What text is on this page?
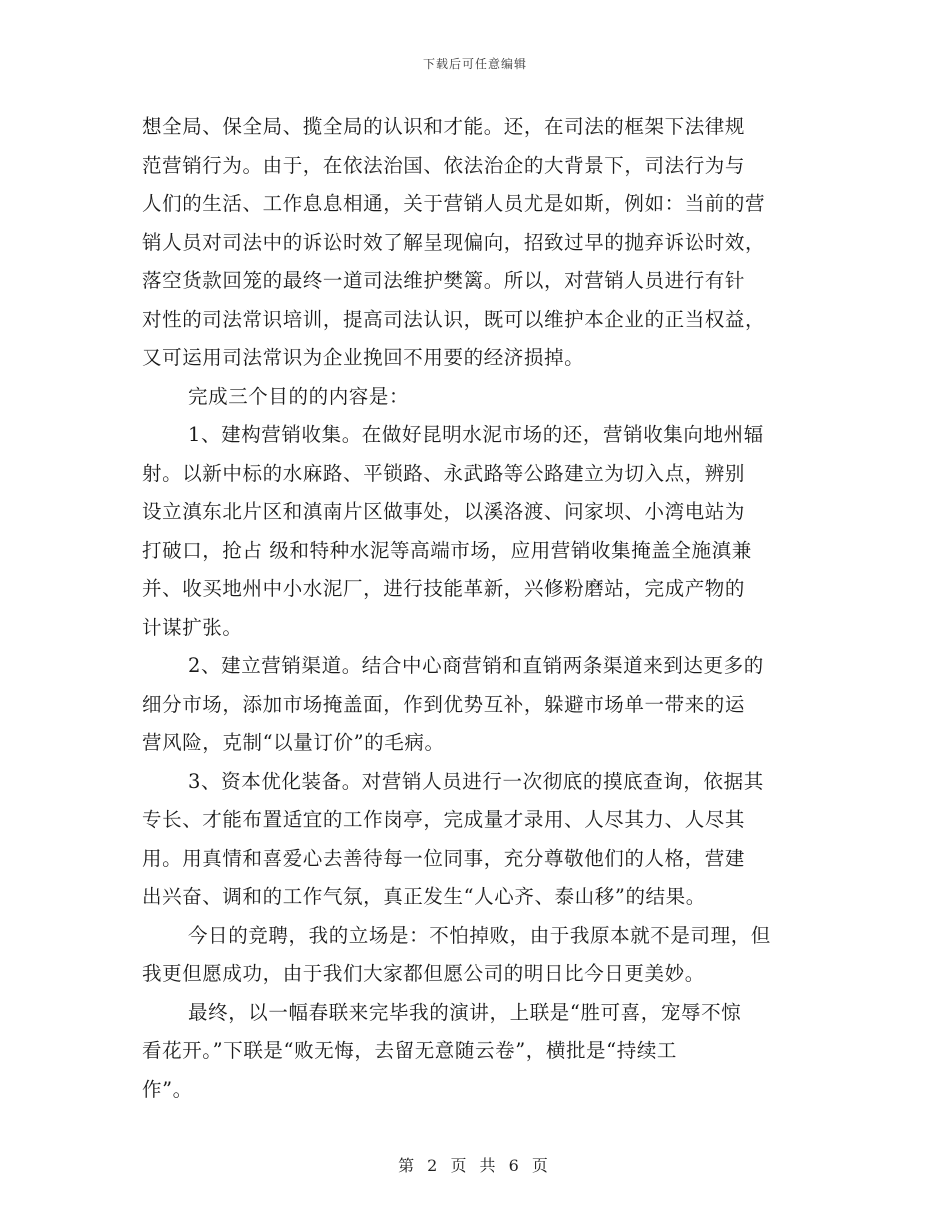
下载后可任意编辑
想全局、保全局、揽全局的认识和才能。还，在司法的框架下法律规
范营销行为。由于，在依法治国、依法治企的大背景下，司法行为与
人们的生活、工作息息相通，关于营销人员尤是如斯，例如：当前的营
销人员对司法中的诉讼时效了解呈现偏向，招致过早的抛弃诉讼时效，
落空货款回笼的最终一道司法维护樊篱。所以，对营销人员进行有针
对性的司法常识培训，提高司法认识，既可以维护本企业的正当权益，
又可运用司法常识为企业挽回不用要的经济损掉。
完成三个目的的内容是：
1、建构营销收集。在做好昆明水泥市场的还，营销收集向地州辐
射。以新中标的水麻路、平锁路、永武路等公路建立为切入点，辨别
设立滇东北片区和滇南片区做事处，以溪洛渡、问家坝、小湾电站为
打破口，抢占 级和特种水泥等高端市场，应用营销收集掩盖全施滇兼
并、收买地州中小水泥厂，进行技能革新，兴修粉磨站，完成产物的
计谋扩张。
2、建立营销渠道。结合中心商营销和直销两条渠道来到达更多的
细分市场，添加市场掩盖面，作到优势互补，躲避市场单一带来的运
营风险，克制“以量订价”的毛病。
3、资本优化装备。对营销人员进行一次彻底的摸底查询，依据其
专长、才能布置适宜的工作岗亭，完成量才录用、人尽其力、人尽其
用。用真情和喜爱心去善待每一位同事，充分尊敬他们的人格，营建
出兴奋、调和的工作气氛，真正发生“人心齐、泰山移”的结果。
今日的竞聘，我的立场是：不怕掉败，由于我原本就不是司理，但
我更但愿成功，由于我们大家都但愿公司的明日比今日更美妙。
最终，以一幅春联来完毕我的演讲，上联是“胜可喜，宠辱不惊
看花开。”下联是“败无悔，去留无意随云卷”，横批是“持续工
作”。
第 2 页 共 6 页
